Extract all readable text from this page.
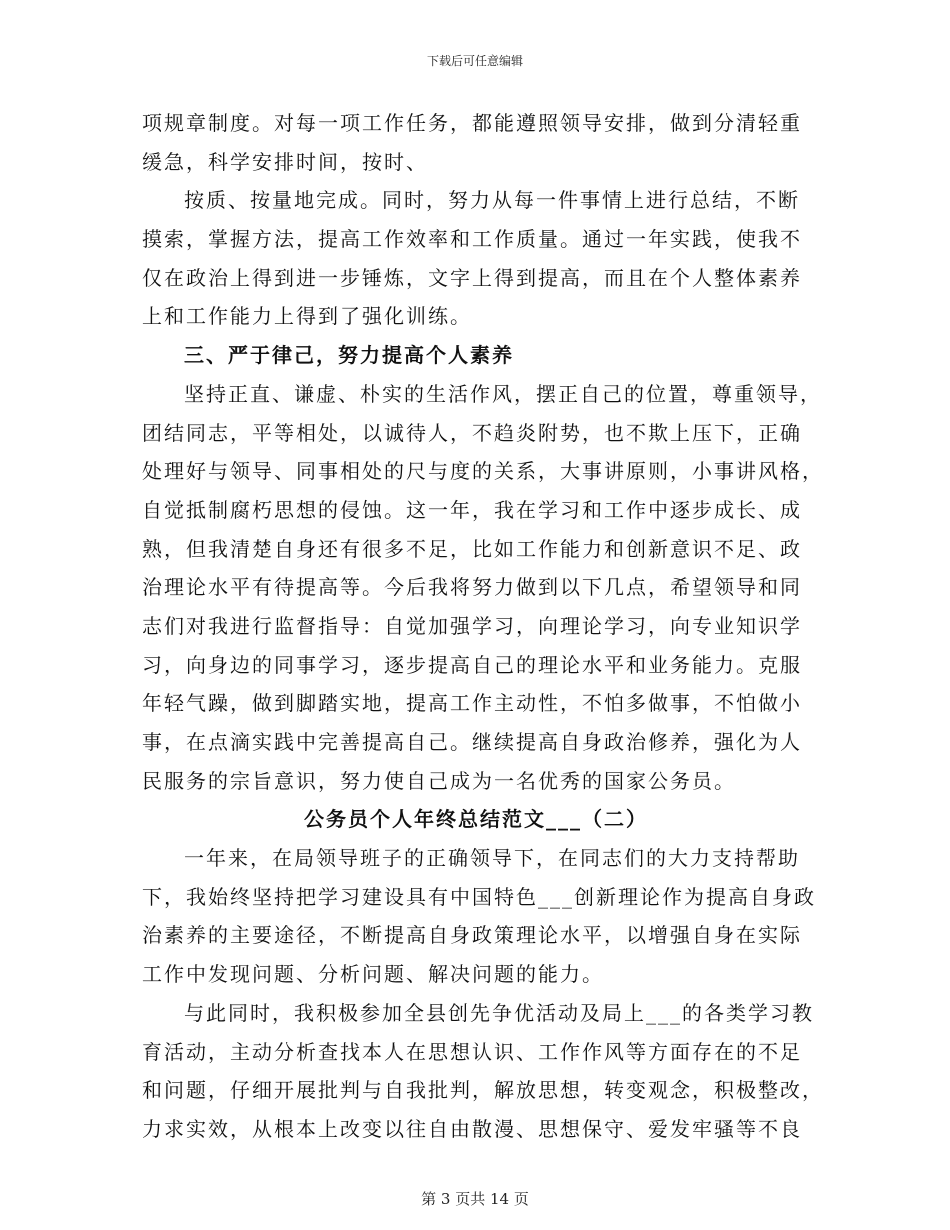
下载后可任意编辑
项规章制度。对每一项工作任务，都能遵照领导安排，做到分清轻重
缓急，科学安排时间，按时、
按质、按量地完成。同时，努力从每一件事情上进行总结，不断
摸索，掌握方法，提高工作效率和工作质量。通过一年实践，使我不
仅在政治上得到进一步锤炼，文字上得到提高，而且在个人整体素养
上和工作能力上得到了强化训练。
三、严于律己，努力提高个人素养
坚持正直、谦虚、朴实的生活作风，摆正自己的位置，尊重领导，
团结同志，平等相处，以诚待人，不趋炎附势，也不欺上压下，正确
处理好与领导、同事相处的尺与度的关系，大事讲原则，小事讲风格，
自觉抵制腐朽思想的侵蚀。这一年，我在学习和工作中逐步成长、成
熟，但我清楚自身还有很多不足，比如工作能力和创新意识不足、政
治理论水平有待提高等。今后我将努力做到以下几点，希望领导和同
志们对我进行监督指导：自觉加强学习，向理论学习，向专业知识学
习，向身边的同事学习，逐步提高自己的理论水平和业务能力。克服
年轻气躁，做到脚踏实地，提高工作主动性，不怕多做事，不怕做小
事，在点滴实践中完善提高自己。继续提高自身政治修养，强化为人
民服务的宗旨意识，努力使自己成为一名优秀的国家公务员。
公务员个人年终总结范文___（二）
一年来，在局领导班子的正确领导下，在同志们的大力支持帮助
下，我始终坚持把学习建设具有中国特色___创新理论作为提高自身政
治素养的主要途径，不断提高自身政策理论水平，以增强自身在实际
工作中发现问题、分析问题、解决问题的能力。
与此同时，我积极参加全县创先争优活动及局上___的各类学习教
育活动，主动分析查找本人在思想认识、工作作风等方面存在的不足
和问题，仔细开展批判与自我批判，解放思想，转变观念，积极整改，
力求实效，从根本上改变以往自由散漫、思想保守、爱发牢骚等不良
第 3 页共 14 页
